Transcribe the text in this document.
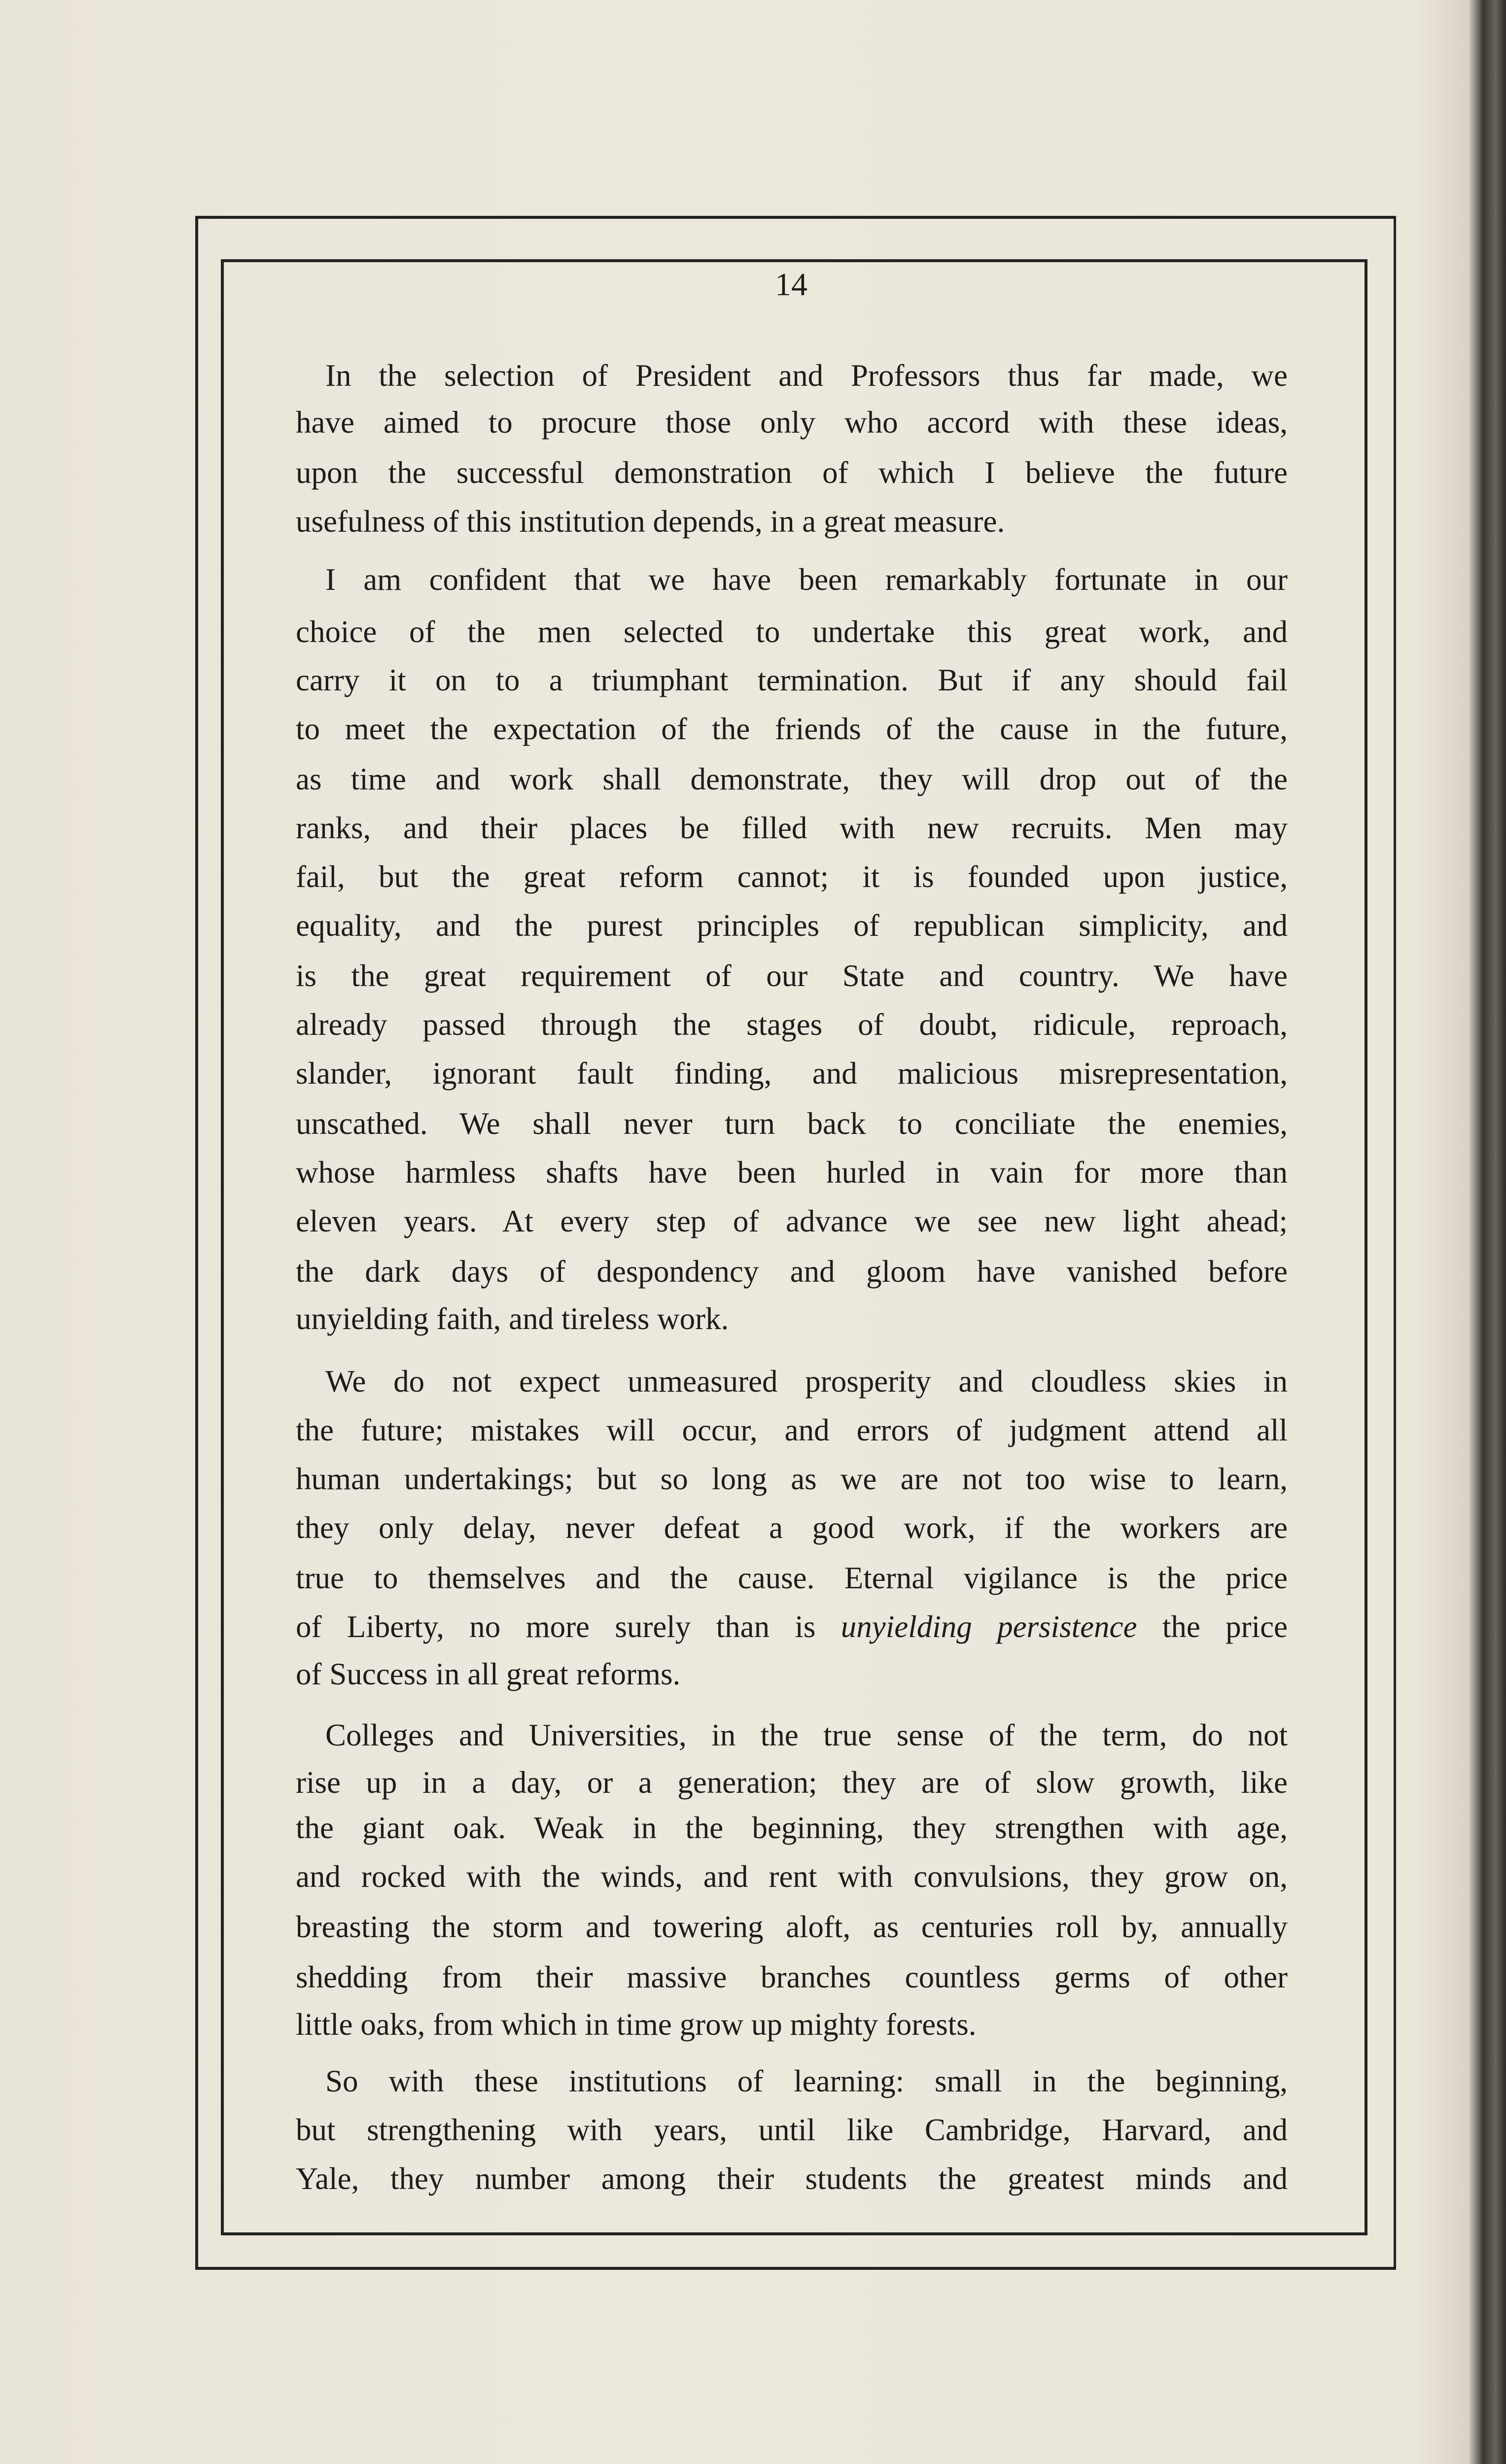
14
In the selection of President and Professors thus far made, we
have aimed to procure those only who accord with these ideas,
upon the successful demonstration of which I believe the future
usefulness of this institution depends, in a great measure.
I am confident that we have been remarkably fortunate in our
choice of the men selected to undertake this great work, and
carry it on to a triumphant termination. But if any should fail
to meet the expectation of the friends of the cause in the future,
as time and work shall demonstrate, they will drop out of the
ranks, and their places be filled with new recruits. Men may
fail, but the great reform cannot; it is founded upon justice,
equality, and the purest principles of republican simplicity, and
is the great requirement of our State and country. We have
already passed through the stages of doubt, ridicule, reproach,
slander, ignorant fault finding, and malicious misrepresentation,
unscathed. We shall never turn back to conciliate the enemies,
whose harmless shafts have been hurled in vain for more than
eleven years. At every step of advance we see new light ahead;
the dark days of despondency and gloom have vanished before
unyielding faith, and tireless work.
We do not expect unmeasured prosperity and cloudless skies in
the future; mistakes will occur, and errors of judgment attend all
human undertakings; but so long as we are not too wise to learn,
they only delay, never defeat a good work, if the workers are
true to themselves and the cause. Eternal vigilance is the price
of Liberty, no more surely than is unyielding persistence the price
of Success in all great reforms.
Colleges and Universities, in the true sense of the term, do not
rise up in a day, or a generation; they are of slow growth, like
the giant oak. Weak in the beginning, they strengthen with age,
and rocked with the winds, and rent with convulsions, they grow on,
breasting the storm and towering aloft, as centuries roll by, annually
shedding from their massive branches countless germs of other
little oaks, from which in time grow up mighty forests.
So with these institutions of learning: small in the beginning,
but strengthening with years, until like Cambridge, Harvard, and
Yale, they number among their students the greatest minds and
